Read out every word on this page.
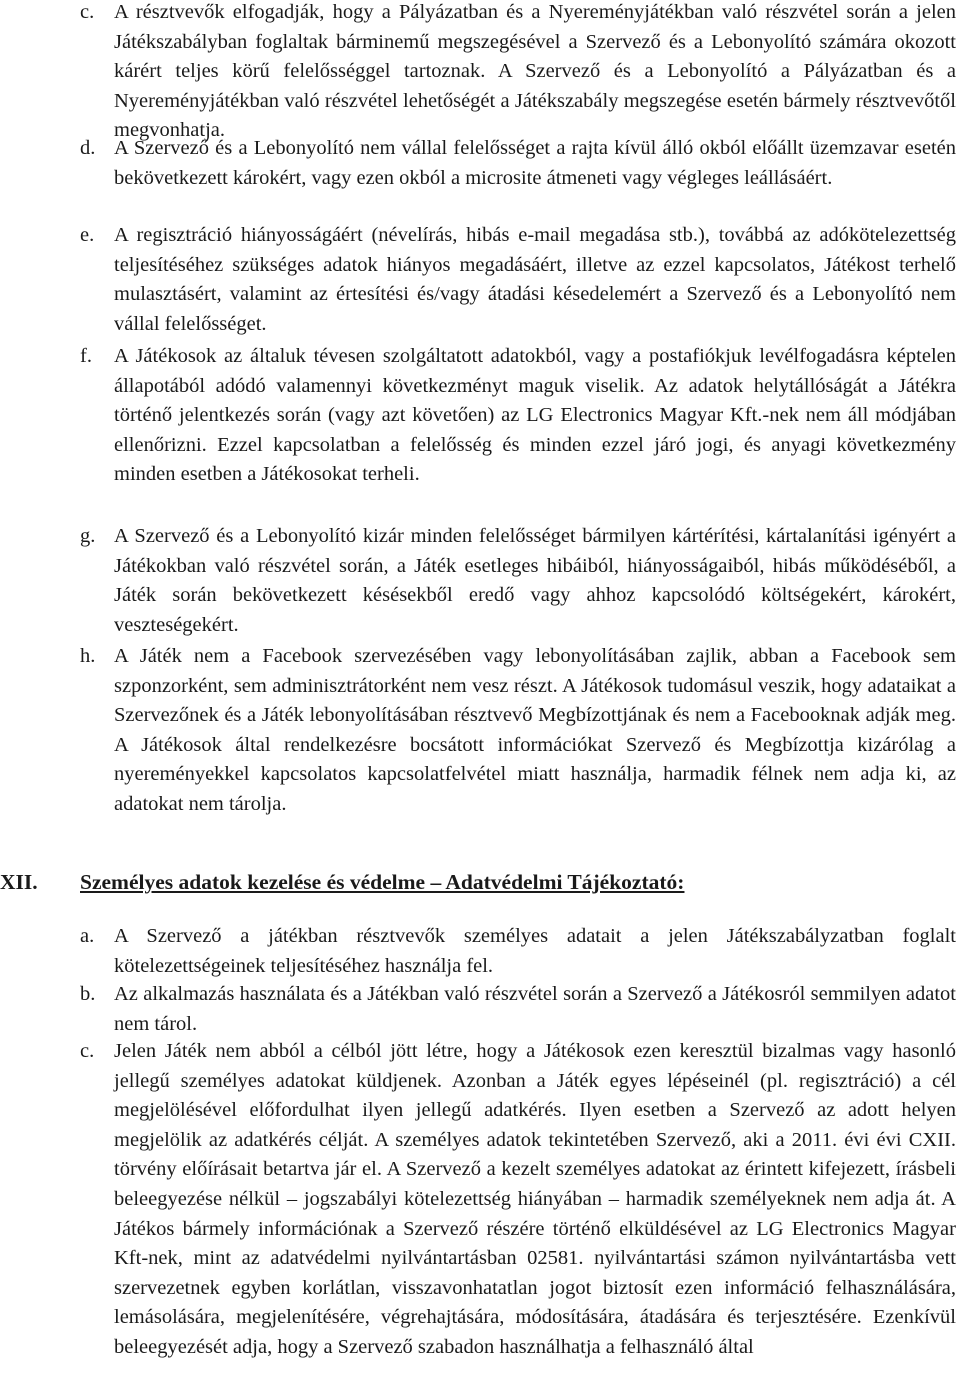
c. A résztvevők elfogadják, hogy a Pályázatban és a Nyereményjátékban való részvétel során a jelen Játékszabályban foglaltak bárminemű megszegésével a Szervező és a Lebonyolító számára okozott kárért teljes körű felelősséggel tartoznak. A Szervező és a Lebonyolító a Pályázatban és a Nyereményjátékban való részvétel lehetőségét a Játékszabály megszegése esetén bármely résztvevőtől megvonhatja.
d. A Szervező és a Lebonyolító nem vállal felelősséget a rajta kívül álló okból előállt üzemzavar esetén bekövetkezett károkért, vagy ezen okból a microsite átmeneti vagy végleges leállásáért.
e. A regisztráció hiányosságáért (névelírás, hibás e-mail megadása stb.), továbbá az adókötelezettség teljesítéséhez szükséges adatok hiányos megadásáért, illetve az ezzel kapcsolatos, Játékost terhelő mulasztásért, valamint az értesítési és/vagy átadási késedelemért a Szervező és a Lebonyolító nem vállal felelősséget.
f.	A Játékosok az általuk tévesen szolgáltatott adatokból, vagy a postafiókjuk levélfogadásra képtelen állapotából adódó valamennyi következményt maguk viselik. Az adatok helytállóságát a Játékra történő jelentkezés során (vagy azt követően) az LG Electronics Magyar Kft.-nek nem áll módjában ellenőrizni. Ezzel kapcsolatban a felelősség és minden ezzel járó jogi, és anyagi következmény minden esetben a Játékosokat terheli.
g. A Szervező és a Lebonyolító kizár minden felelősséget bármilyen kártérítési, kártalanítási igényért a Játékokban való részvétel során, a Játék esetleges hibáiból, hiányosságaiból, hibás működéséből, a Játék során bekövetkezett késésekből eredő vagy ahhoz kapcsolódó költségekért, károkért, veszteségekért.
h. A Játék nem a Facebook szervezésében vagy lebonyolításában zajlik, abban a Facebook sem szponzorként, sem adminisztrátorként nem vesz részt. A Játékosok tudomásul veszik, hogy adataikat a Szervezőnek és a Játék lebonyolításában résztvevő Megbízottjának és nem a Facebooknak adják meg. A Játékosok által rendelkezésre bocsátott információkat Szervező és Megbízottja kizárólag a nyereményekkel kapcsolatos kapcsolatfelvétel miatt használja, harmadik félnek nem adja ki, az adatokat nem tárolja.
XII. Személyes adatok kezelése és védelme – Adatvédelmi Tájékoztató:
a. A Szervező a játékban résztvevők személyes adatait a jelen Játékszabályzatban foglalt kötelezettségeinek teljesítéséhez használja fel.
b. Az alkalmazás használata és a Játékban való részvétel során a Szervező a Játékosról semmilyen adatot nem tárol.
c. Jelen Játék nem abból a célból jött létre, hogy a Játékosok ezen keresztül bizalmas vagy hasonló jellegű személyes adatokat küldjenek. Azonban a Játék egyes lépéseinél (pl. regisztráció) a cél megjelölésével előfordulhat ilyen jellegű adatkérés. Ilyen esetben a Szervező az adott helyen megjelölik az adatkérés célját. A személyes adatok tekintetében Szervező, aki a 2011. évi évi CXII. törvény előírásait betartva jár el. A Szervező a kezelt személyes adatokat az érintett kifejezett, írásbeli beleegyezése nélkül – jogszabályi kötelezettség hiányában – harmadik személyeknek nem adja át. A Játékos bármely információnak a Szervező részére történő elküldésével az LG Electronics Magyar Kft-nek, mint az adatvédelmi nyilvántartásban 02581. nyilvántartási számon nyilvántartásba vett szervezetnek egyben korlátlan, visszavonhatatlan jogot biztosít ezen információ felhasználására, lemásolására, megjelenítésére, végrehajtására, módosítására, átadására és terjesztésére. Ezenkívül beleegyezését adja, hogy a Szervező szabadon használhatja a felhasználó által
